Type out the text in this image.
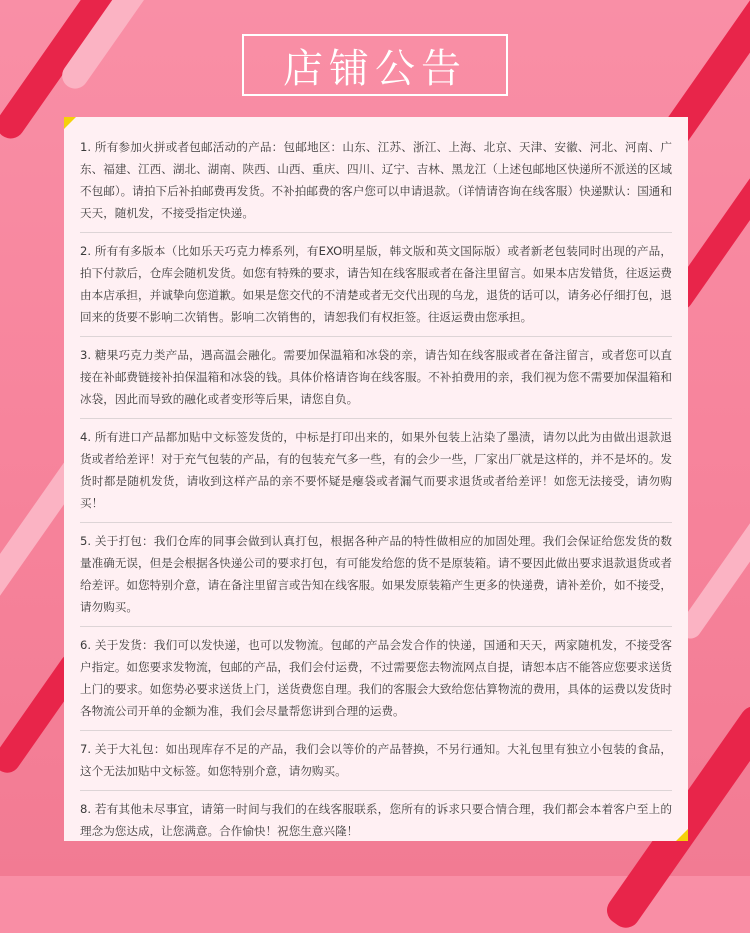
店铺公告
1. 所有参加火拼或者包邮活动的产品：包邮地区：山东、江苏、浙江、上海、北京、天津、安徽、河北、河南、广东、福建、江西、湖北、湖南、陕西、山西、重庆、四川、辽宁、吉林、黑龙江（上述包邮地区快递所不派送的区域不包邮）。请拍下后补拍邮费再发货。不补拍邮费的客户您可以申请退款。（详情请咨询在线客服）快递默认：国通和天天，随机发，不接受指定快递。
2. 所有有多版本（比如乐天巧克力棒系列，有EXO明星版，韩文版和英文国际版）或者新老包装同时出现的产品，拍下付款后，仓库会随机发货。如您有特殊的要求，请告知在线客服或者在备注里留言。如果本店发错货，往返运费由本店承担，并诚挚向您道歉。如果是您交代的不清楚或者无交代出现的乌龙，退货的话可以，请务必仔细打包，退回来的货要不影响二次销售。影响二次销售的，请恕我们有权拒签。往返运费由您承担。
3. 糖果巧克力类产品，遇高温会融化。需要加保温箱和冰袋的亲，请告知在线客服或者在备注留言，或者您可以直接在补邮费链接补拍保温箱和冰袋的钱。具体价格请咨询在线客服。不补拍费用的亲，我们视为您不需要加保温箱和冰袋，因此而导致的融化或者变形等后果，请您自负。
4. 所有进口产品都加贴中文标签发货的，中标是打印出来的，如果外包装上沾染了墨渍，请勿以此为由做出退款退货或者给差评！对于充气包装的产品，有的包装充气多一些，有的会少一些，厂家出厂就是这样的，并不是坏的。发货时都是随机发货，请收到这样产品的亲不要怀疑是瘪袋或者漏气而要求退货或者给差评！如您无法接受，请勿购买！
5. 关于打包：我们仓库的同事会做到认真打包，根据各种产品的特性做相应的加固处理。我们会保证给您发货的数量准确无误，但是会根据各快递公司的要求打包，有可能发给您的货不是原装箱。请不要因此做出要求退款退货或者给差评。如您特别介意，请在备注里留言或告知在线客服。如果发原装箱产生更多的快递费，请补差价，如不接受，请勿购买。
6. 关于发货：我们可以发快递，也可以发物流。包邮的产品会发合作的快递，国通和天天，两家随机发，不接受客户指定。如您要求发物流，包邮的产品，我们会付运费，不过需要您去物流网点自提，请恕本店不能答应您要求送货上门的要求。如您势必要求送货上门，送货费您自理。我们的客服会大致给您估算物流的费用，具体的运费以发货时各物流公司开单的金额为准，我们会尽量帮您讲到合理的运费。
7. 关于大礼包：如出现库存不足的产品，我们会以等价的产品替换，不另行通知。大礼包里有独立小包装的食品，这个无法加贴中文标签。如您特别介意，请勿购买。
8. 若有其他未尽事宜，请第一时间与我们的在线客服联系，您所有的诉求只要合情合理，我们都会本着客户至上的理念为您达成，让您满意。合作愉快！祝您生意兴隆！
